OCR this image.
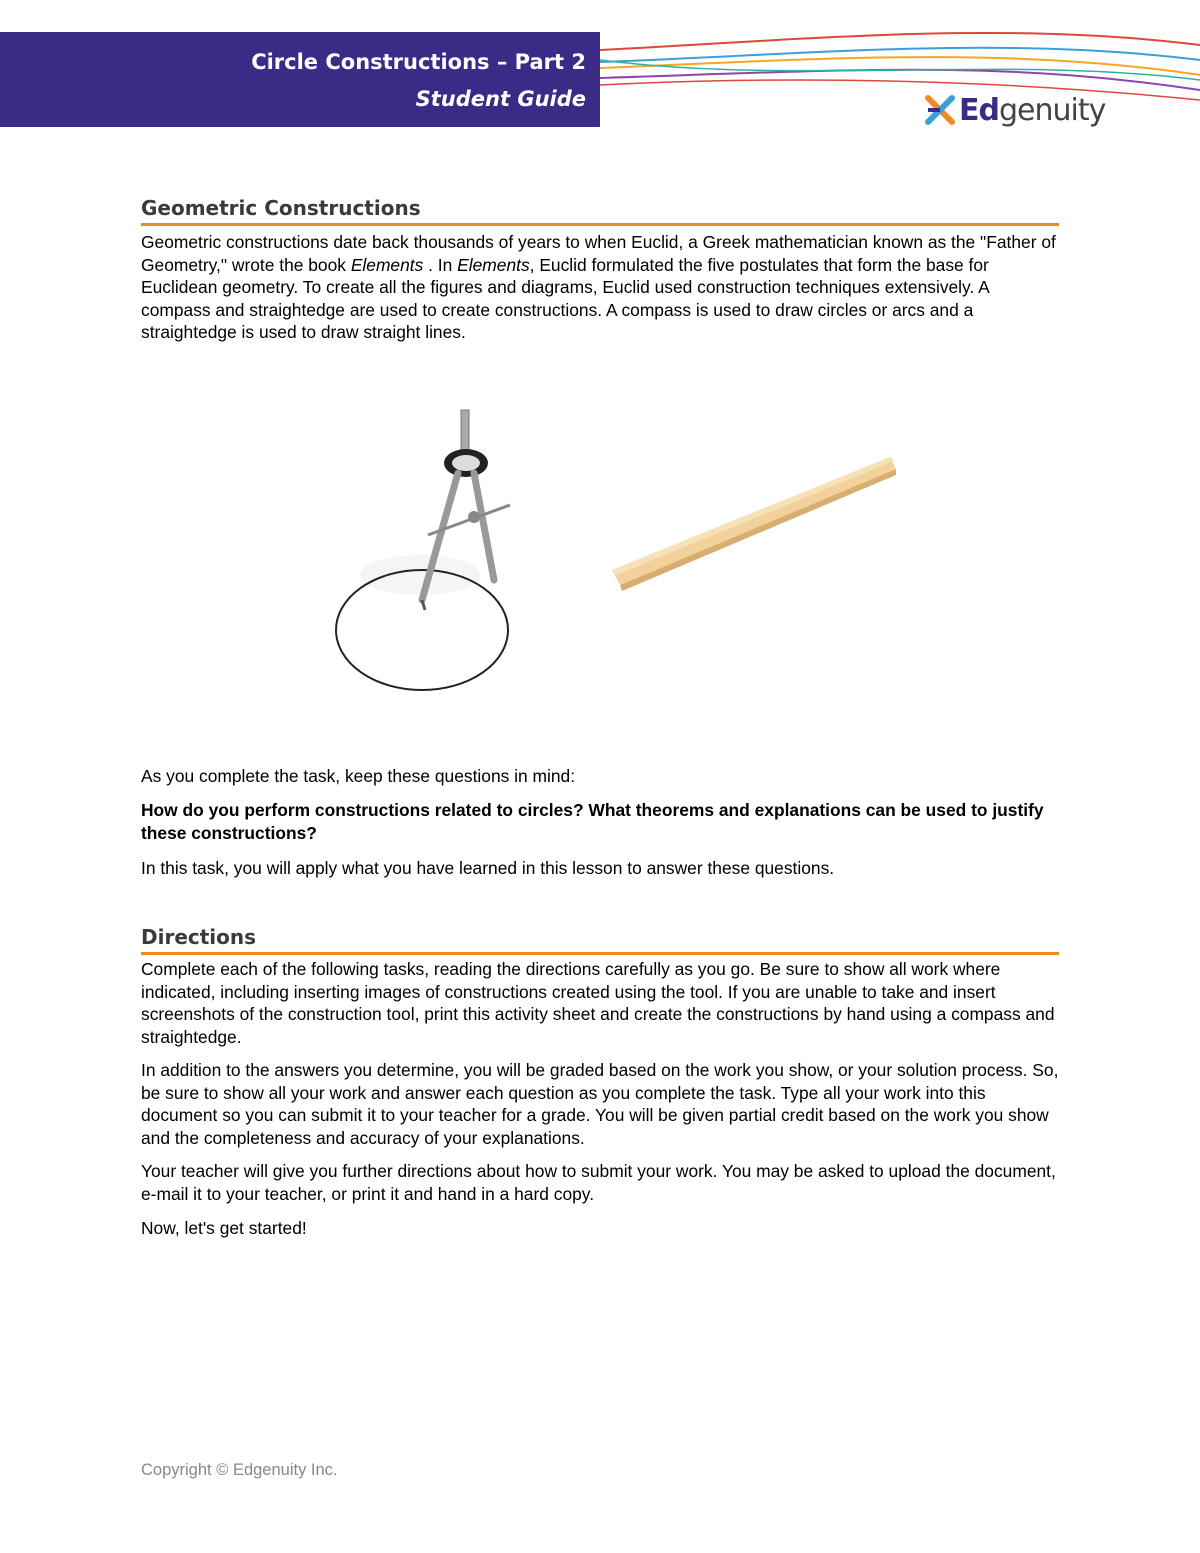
Circle Constructions – Part 2
Student Guide	Edgenuity
Geometric Constructions

Geometric constructions date back thousands of years to when Euclid, a Greek mathematician known as the "Father of Geometry," wrote the book Elements . In Elements, Euclid formulated the five postulates that form the base for Euclidean geometry. To create all the figures and diagrams, Euclid used construction techniques extensively. A compass and straightedge are used to create constructions. A compass is used to draw circles or arcs and a straightedge is used to draw straight lines.

As you complete the task, keep these questions in mind:

How do you perform constructions related to circles? What theorems and explanations can be used to justify these constructions?

In this task, you will apply what you have learned in this lesson to answer these questions.

Directions

Complete each of the following tasks, reading the directions carefully as you go. Be sure to show all work where indicated, including inserting images of constructions created using the tool. If you are unable to take and insert screenshots of the construction tool, print this activity sheet and create the constructions by hand using a compass and straightedge.

In addition to the answers you determine, you will be graded based on the work you show, or your solution process. So, be sure to show all your work and answer each question as you complete the task. Type all your work into this document so you can submit it to your teacher for a grade. You will be given partial credit based on the work you show and the completeness and accuracy of your explanations.

Your teacher will give you further directions about how to submit your work. You may be asked to upload the document, e-mail it to your teacher, or print it and hand in a hard copy.

Now, let's get started!

Copyright © Edgenuity Inc.
